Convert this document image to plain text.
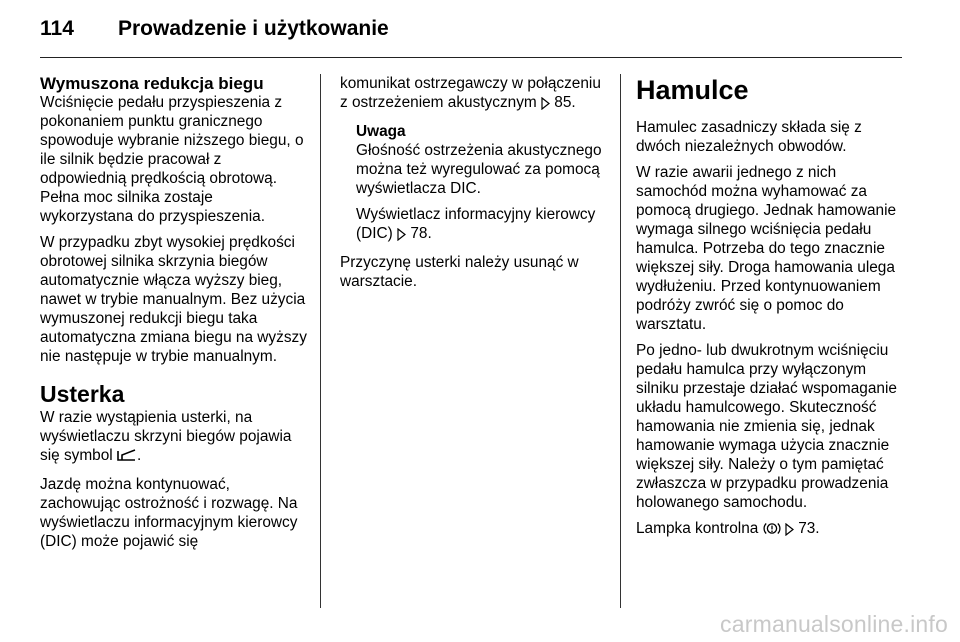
114 Prowadzenie i użytkowanie
Wymuszona redukcja biegu

Wciśnięcie pedału przyspieszenia z pokonaniem punktu granicznego spowoduje wybranie niższego biegu, o ile silnik będzie pracował z odpowiednią prędkością obrotową. Pełna moc silnika zostaje wykorzystana do przyspieszenia.

W przypadku zbyt wysokiej prędkości obrotowej silnika skrzynia biegów automatycznie włącza wyższy bieg, nawet w trybie manualnym. Bez użycia wymuszonej redukcji biegu taka automatyczna zmiana biegu na wyższy nie następuje w trybie manualnym.

Usterka

W razie wystąpienia usterki, na wyświetlaczu skrzyni biegów pojawia się symbol .

Jazdę można kontynuować, zachowując ostrożność i rozwagę. Na wyświetlaczu informacyjnym kierowcy (DIC) może pojawić się

komunikat ostrzegawczy w połączeniu z ostrzeżeniem akustycznym 85.

Uwaga

Głośność ostrzeżenia akustycznego można też wyregulować za pomocą wyświetlacza DIC.

Wyświetlacz informacyjny kierowcy (DIC) 78.

Przyczynę usterki należy usunąć w warsztacie.

Hamulce

Hamulec zasadniczy składa się z dwóch niezależnych obwodów.

W razie awarii jednego z nich samochód można wyhamować za pomocą drugiego. Jednak hamowanie wymaga silnego wciśnięcia pedału hamulca. Potrzeba do tego znacznie większej siły. Droga hamowania ulega wydłużeniu. Przed kontynuowaniem podróży zwróć się o pomoc do warsztatu.

Po jedno- lub dwukrotnym wciśnięciu pedału hamulca przy wyłączonym silniku przestaje działać wspomaganie układu hamulcowego. Skuteczność hamowania nie zmienia się, jednak hamowanie wymaga użycia znacznie większej siły. Należy o tym pamiętać zwłaszcza w przypadku prowadzenia holowanego samochodu.

Lampka kontrolna	73.

carmanualsonline.info
